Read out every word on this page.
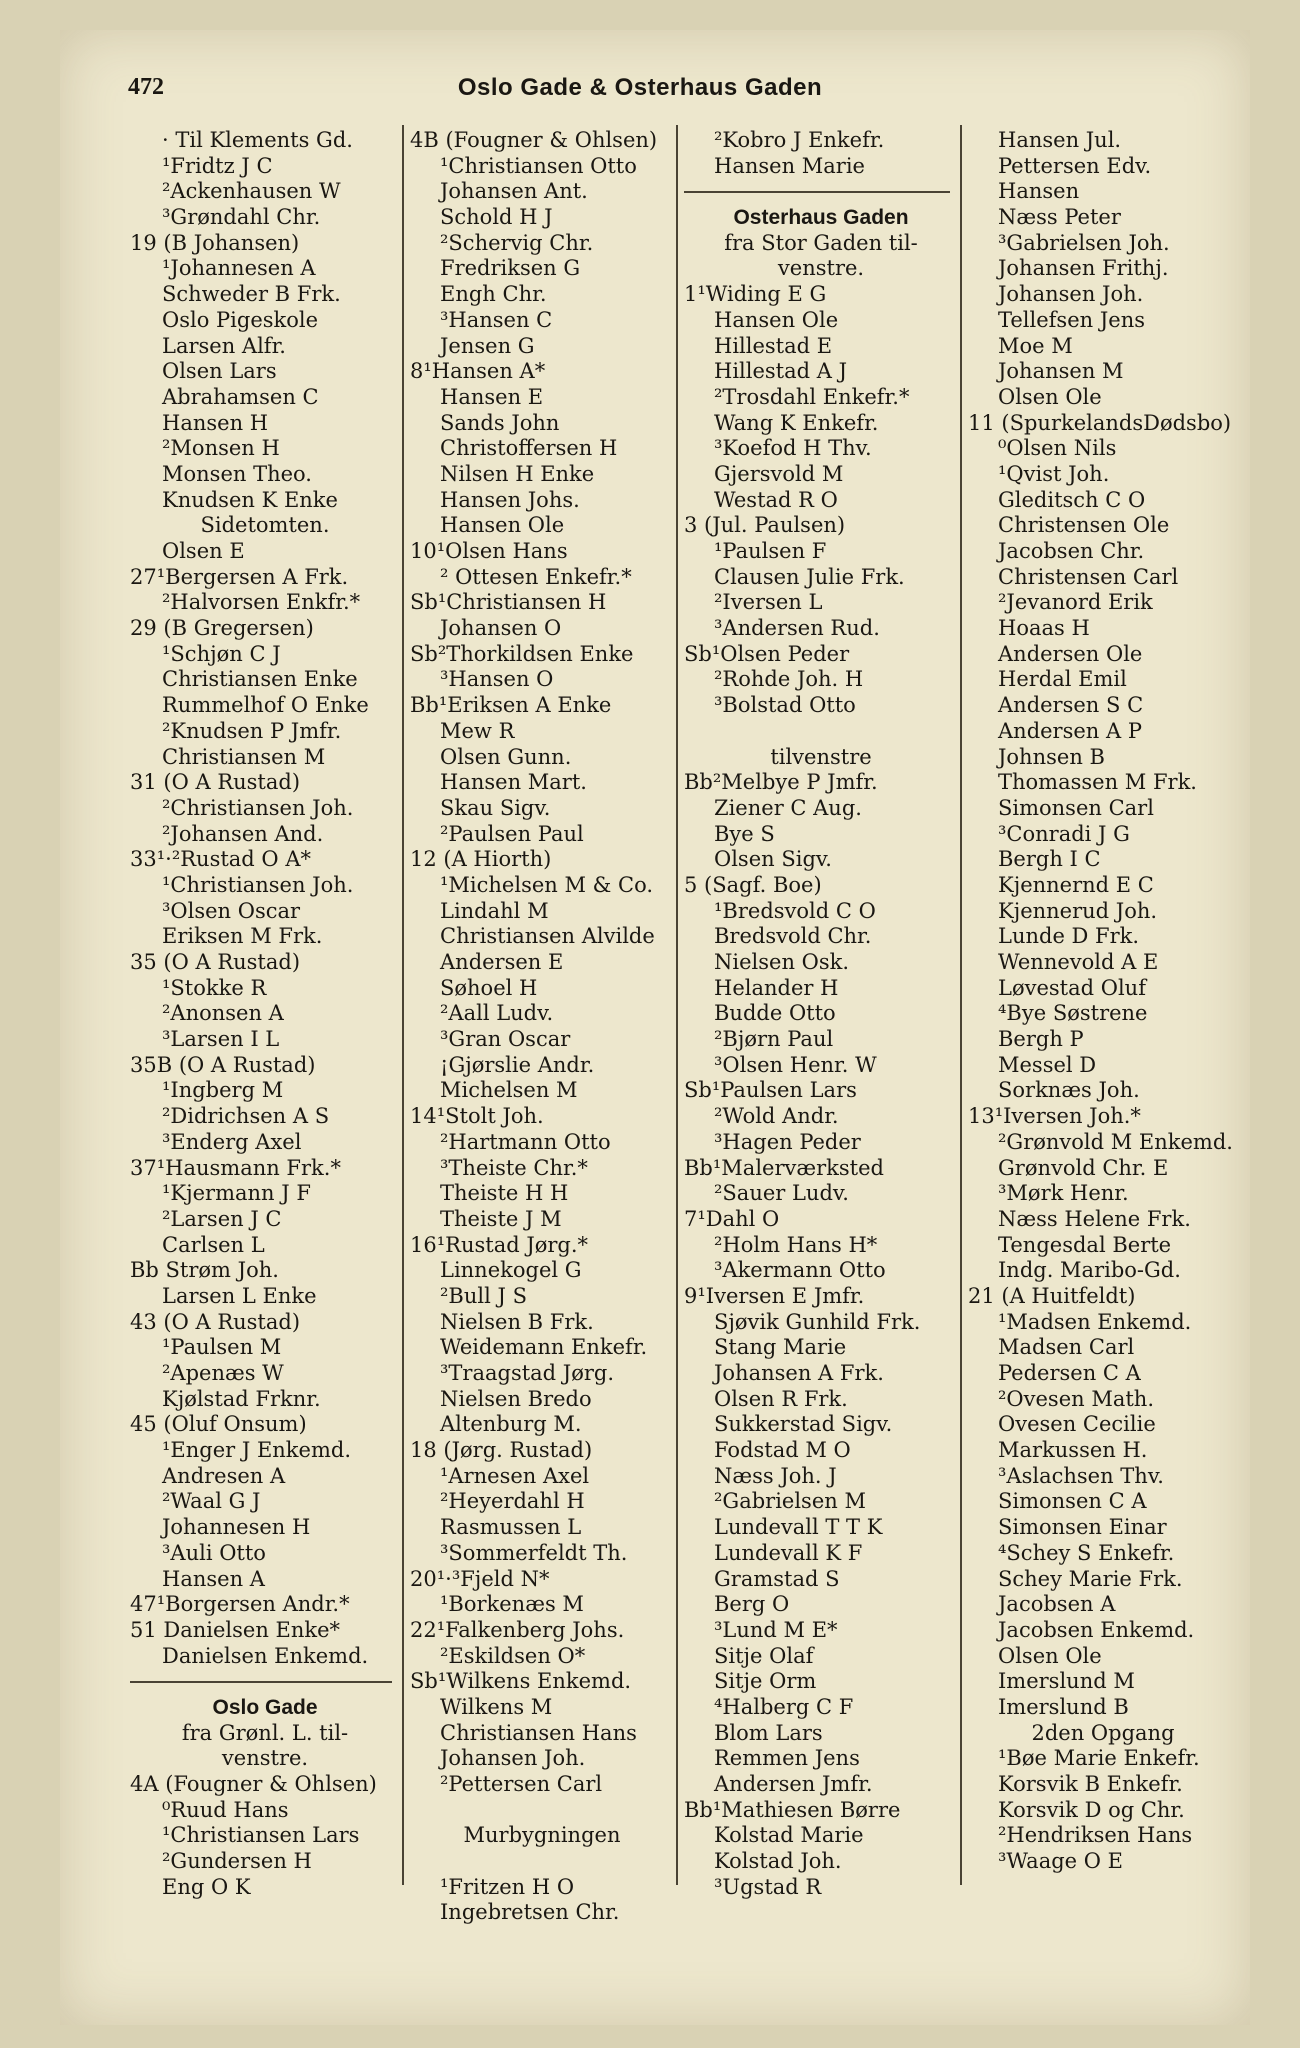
472	Oslo Gade & Osterhaus Gaden
· Til Klements Gd.
¹Fridtz J C
²Ackenhausen W
³Grøndahl Chr.
19 (B Johansen)
¹Johannesen A
Schweder B Frk.
Oslo Pigeskole
Larsen Alfr.
Olsen Lars
Abrahamsen C
Hansen H
²Monsen H
Monsen Theo.
Knudsen K Enke
Sidetomten.
Olsen E
27¹Bergersen A Frk.
²Halvorsen Enkfr.*
29 (B Gregersen)
¹Schjøn C J
Christiansen Enke
Rummelhof O Enke
²Knudsen P Jmfr.
Christiansen M
31 (O A Rustad)
²Christiansen Joh.
²Johansen And.
33¹·²Rustad O A*
¹Christiansen Joh.
³Olsen Oscar
Eriksen M Frk.
35 (O A Rustad)
¹Stokke R
²Anonsen A
³Larsen I L
35B (O A Rustad)
¹Ingberg M
²Didrichsen A S
³Enderg Axel
37¹Hausmann Frk.*
¹Kjermann J F
²Larsen J C
Carlsen L
Bb Strøm Joh.
Larsen L Enke
43 (O A Rustad)
¹Paulsen M
²Apenæs W
Kjølstad Frknr.
45 (Oluf Onsum)
¹Enger J Enkemd.
Andresen A
²Waal G J
Johannesen H
³Auli Otto
Hansen A
47¹Borgersen Andr.*
51 Danielsen Enke*
Danielsen Enkemd.
Oslo Gade
fra Grønl. L. til-
venstre.
4A (Fougner & Ohlsen)
⁰Ruud Hans
¹Christiansen Lars
²Gundersen H
Eng O K
4B (Fougner & Ohlsen)
¹Christiansen Otto
Johansen Ant.
Schold H J
²Schervig Chr.
Fredriksen G
Engh Chr.
³Hansen C
Jensen G
8¹Hansen A*
Hansen E
Sands John
Christoffersen H
Nilsen H Enke
Hansen Johs.
Hansen Ole
10¹Olsen Hans
² Ottesen Enkefr.*
Sb¹Christiansen H
Johansen O
Sb²Thorkildsen Enke
³Hansen O
Bb¹Eriksen A Enke
Mew R
Olsen Gunn.
Hansen Mart.
Skau Sigv.
²Paulsen Paul
12 (A Hiorth)
¹Michelsen M & Co.
Lindahl M
Christiansen Alvilde
Andersen E
Søhoel H
²Aall Ludv.
³Gran Oscar
¡Gjørslie Andr.
Michelsen M
14¹Stolt Joh.
²Hartmann Otto
³Theiste Chr.*
Theiste H H
Theiste J M
16¹Rustad Jørg.*
Linnekogel G
²Bull J S
Nielsen B Frk.
Weidemann Enkefr.
³Traagstad Jørg.
Nielsen Bredo
Altenburg M.
18 (Jørg. Rustad)
¹Arnesen Axel
²Heyerdahl H
Rasmussen L
³Sommerfeldt Th.
20¹·³Fjeld N*
¹Borkenæs M
22¹Falkenberg Johs.
²Eskildsen O*
Sb¹Wilkens Enkemd.
Wilkens M
Christiansen Hans
Johansen Joh.
²Pettersen Carl
Murbygningen
¹Fritzen H O
Ingebretsen Chr.
²Kobro J Enkefr.
Hansen Marie
Osterhaus Gaden
fra Stor Gaden til-
venstre.
1¹Widing E G
Hansen Ole
Hillestad E
Hillestad A J
²Trosdahl Enkefr.*
Wang K Enkefr.
³Koefod H Thv.
Gjersvold M
Westad R O
3 (Jul. Paulsen)
¹Paulsen F
Clausen Julie Frk.
²Iversen L
³Andersen Rud.
Sb¹Olsen Peder
²Rohde Joh. H
³Bolstad Otto
tilvenstre
Bb²Melbye P Jmfr.
Ziener C Aug.
Bye S
Olsen Sigv.
5 (Sagf. Boe)
¹Bredsvold C O
Bredsvold Chr.
Nielsen Osk.
Helander H
Budde Otto
²Bjørn Paul
³Olsen Henr. W
Sb¹Paulsen Lars
²Wold Andr.
³Hagen Peder
Bb¹Malerværksted
²Sauer Ludv.
7¹Dahl O
²Holm Hans H*
³Akermann Otto
9¹Iversen E Jmfr.
Sjøvik Gunhild Frk.
Stang Marie
Johansen A Frk.
Olsen R Frk.
Sukkerstad Sigv.
Fodstad M O
Næss Joh. J
²Gabrielsen M
Lundevall T T K
Lundevall K F
Gramstad S
Berg O
³Lund M E*
Sitje Olaf
Sitje Orm
⁴Halberg C F
Blom Lars
Remmen Jens
Andersen Jmfr.
Bb¹Mathiesen Børre
Kolstad Marie
Kolstad Joh.
³Ugstad R
Hansen Jul.
Pettersen Edv.
Hansen
Næss Peter
³Gabrielsen Joh.
Johansen Frithj.
Johansen Joh.
Tellefsen Jens
Moe M
Johansen M
Olsen Ole
11 (SpurkelandsDødsbo)
⁰Olsen Nils
¹Qvist Joh.
Gleditsch C O
Christensen Ole
Jacobsen Chr.
Christensen Carl
²Jevanord Erik
Hoaas H
Andersen Ole
Herdal Emil
Andersen S C
Andersen A P
Johnsen B
Thomassen M Frk.
Simonsen Carl
³Conradi J G
Bergh I C
Kjennernd E C
Kjennerud Joh.
Lunde D Frk.
Wennevold A E
Løvestad Oluf
⁴Bye Søstrene
Bergh P
Messel D
Sorknæs Joh.
13¹Iversen Joh.*
²Grønvold M Enkemd.
Grønvold Chr. E
³Mørk Henr.
Næss Helene Frk.
Tengesdal Berte
Indg. Maribo-Gd.
21 (A Huitfeldt)
¹Madsen Enkemd.
Madsen Carl
Pedersen C A
²Ovesen Math.
Ovesen Cecilie
Markussen H.
³Aslachsen Thv.
Simonsen C A
Simonsen Einar
⁴Schey S Enkefr.
Schey Marie Frk.
Jacobsen A
Jacobsen Enkemd.
Olsen Ole
Imerslund M
Imerslund B
2den Opgang
¹Bøe Marie Enkefr.
Korsvik B Enkefr.
Korsvik D og Chr.
²Hendriksen Hans
³Waage O E
